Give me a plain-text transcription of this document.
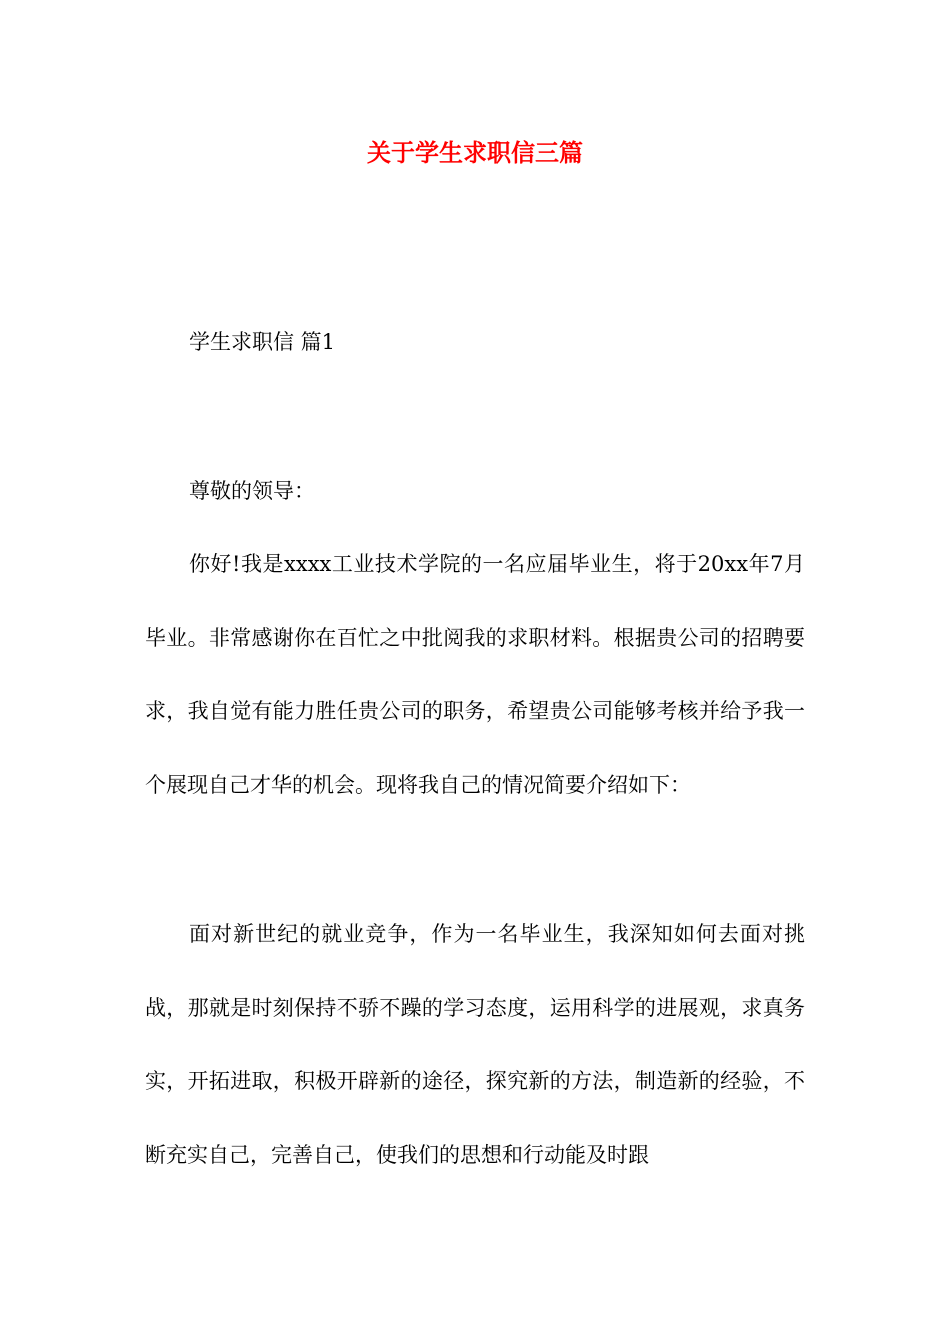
关于学生求职信三篇

学生求职信 篇1

尊敬的领导：

你好!我是xxxx工业技术学院的一名应届毕业生，将于20xx年7月毕业。非常感谢你在百忙之中批阅我的求职材料。根据贵公司的招聘要求，我自觉有能力胜任贵公司的职务，希望贵公司能够考核并给予我一个展现自己才华的机会。现将我自己的情况简要介绍如下：

面对新世纪的就业竞争，作为一名毕业生，我深知如何去面对挑战，那就是时刻保持不骄不躁的学习态度，运用科学的进展观，求真务实，开拓进取，积极开辟新的途径，探究新的方法，制造新的经验，不断充实自己，完善自己，使我们的思想和行动能及时跟
